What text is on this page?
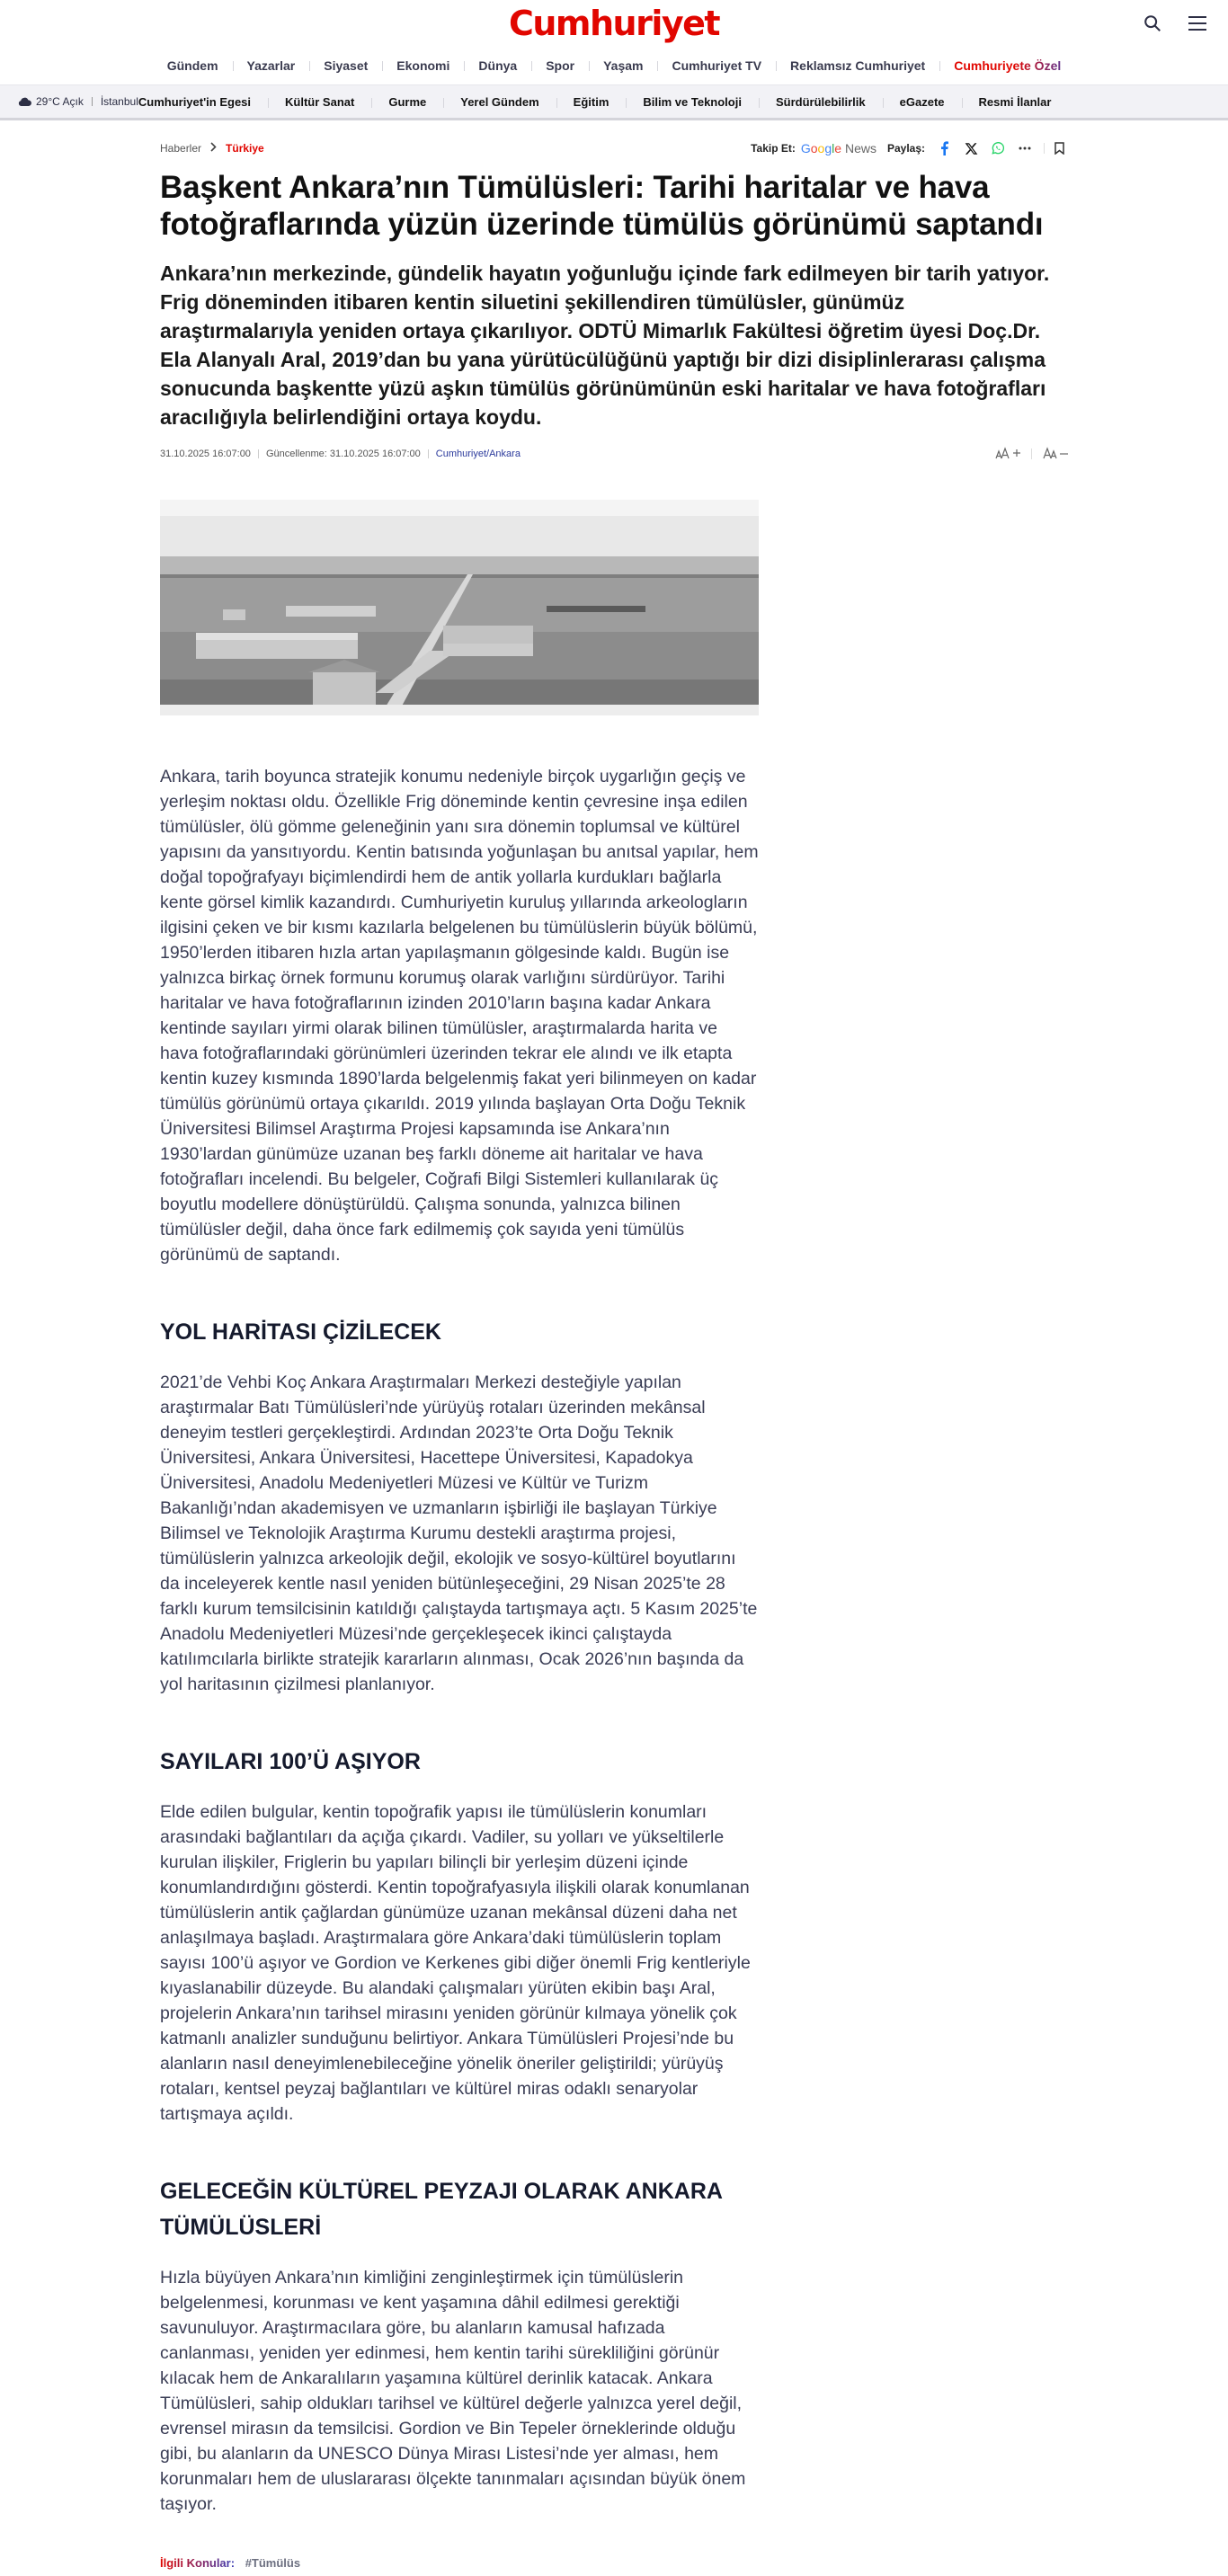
Cumhuriyet
Gündem	Yazarlar	Siyaset	Ekonomi	Dünya	Spor	Yaşam	Cumhuriyet TV	Reklamsız Cumhuriyet	Cumhuriyete Özel
29°C Açık İstanbul Cumhuriyet'in Egesi	Kültür Sanat	Gurme	Yerel Gündem	Eğitim	Bilim ve Teknoloji	Sürdürülebilirlik	eGazete	Resmi İlanlar
Haberler Türkiye	Takip Et: Google News Paylaş:
Başkent Ankara’nın Tümülüsleri: Tarihi haritalar ve hava fotoğraflarında yüzün üzerinde tümülüs görünümü saptandı

Ankara’nın merkezinde, gündelik hayatın yoğunluğu içinde fark edilmeyen bir tarih yatıyor. Frig döneminden itibaren kentin siluetini şekillendiren tümülüsler, günümüz araştırmalarıyla yeniden ortaya çıkarılıyor. ODTÜ Mimarlık Fakültesi öğretim üyesi Doç.Dr. Ela Alanyalı Aral, 2019’dan bu yana yürütücülüğünü yaptığı bir dizi disiplinlerarası çalışma sonucunda başkentte yüzü aşkın tümülüs görünümünün eski haritalar ve hava fotoğrafları aracılığıyla belirlendiğini ortaya koydu.

31.10.2025 16:07:00 Güncellenme: 31.10.2025 16:07:00 Cumhuriyet/Ankara

Ankara, tarih boyunca stratejik konumu nedeniyle birçok uygarlığın geçiş ve yerleşim noktası oldu. Özellikle Frig döneminde kentin çevresine inşa edilen tümülüsler, ölü gömme geleneğinin yanı sıra dönemin toplumsal ve kültürel yapısını da yansıtıyordu. Kentin batısında yoğunlaşan bu anıtsal yapılar, hem doğal topoğrafyayı biçimlendirdi hem de antik yollarla kurdukları bağlarla kente görsel kimlik kazandırdı. Cumhuriyetin kuruluş yıllarında arkeologların ilgisini çeken ve bir kısmı kazılarla belgelenen bu tümülüslerin büyük bölümü, 1950’lerden itibaren hızla artan yapılaşmanın gölgesinde kaldı. Bugün ise yalnızca birkaç örnek formunu korumuş olarak varlığını sürdürüyor. Tarihi haritalar ve hava fotoğraflarının izinden 2010’ların başına kadar Ankara kentinde sayıları yirmi olarak bilinen tümülüsler, araştırmalarda harita ve hava fotoğraflarındaki görünümleri üzerinden tekrar ele alındı ve ilk etapta kentin kuzey kısmında 1890’larda belgelenmiş fakat yeri bilinmeyen on kadar tümülüs görünümü ortaya çıkarıldı. 2019 yılında başlayan Orta Doğu Teknik Üniversitesi Bilimsel Araştırma Projesi kapsamında ise Ankara’nın 1930’lardan günümüze uzanan beş farklı döneme ait haritalar ve hava fotoğrafları incelendi. Bu belgeler, Coğrafi Bilgi Sistemleri kullanılarak üç boyutlu modellere dönüştürüldü. Çalışma sonunda, yalnızca bilinen tümülüsler değil, daha önce fark edilmemiş çok sayıda yeni tümülüs görünümü de saptandı.

YOL HARİTASI ÇİZİLECEK

2021’de Vehbi Koç Ankara Araştırmaları Merkezi desteğiyle yapılan araştırmalar Batı Tümülüsleri’nde yürüyüş rotaları üzerinden mekânsal deneyim testleri gerçekleştirdi. Ardından 2023’te Orta Doğu Teknik Üniversitesi, Ankara Üniversitesi, Hacettepe Üniversitesi, Kapadokya Üniversitesi, Anadolu Medeniyetleri Müzesi ve Kültür ve Turizm Bakanlığı’ndan akademisyen ve uzmanların işbirliği ile başlayan Türkiye Bilimsel ve Teknolojik Araştırma Kurumu destekli araştırma projesi, tümülüslerin yalnızca arkeolojik değil, ekolojik ve sosyo-kültürel boyutlarını da inceleyerek kentle nasıl yeniden bütünleşeceğini, 29 Nisan 2025’te 28 farklı kurum temsilcisinin katıldığı çalıştayda tartışmaya açtı. 5 Kasım 2025’te Anadolu Medeniyetleri Müzesi’nde gerçekleşecek ikinci çalıştayda katılımcılarla birlikte stratejik kararların alınması, Ocak 2026’nın başında da yol haritasının çizilmesi planlanıyor.

SAYILARI 100’Ü AŞIYOR

Elde edilen bulgular, kentin topoğrafik yapısı ile tümülüslerin konumları arasındaki bağlantıları da açığa çıkardı. Vadiler, su yolları ve yükseltilerle kurulan ilişkiler, Friglerin bu yapıları bilinçli bir yerleşim düzeni içinde konumlandırdığını gösterdi. Kentin topoğrafyasıyla ilişkili olarak konumlanan tümülüslerin antik çağlardan günümüze uzanan mekânsal düzeni daha net anlaşılmaya başladı. Araştırmalara göre Ankara’daki tümülüslerin toplam sayısı 100’ü aşıyor ve Gordion ve Kerkenes gibi diğer önemli Frig kentleriyle kıyaslanabilir düzeyde. Bu alandaki çalışmaları yürüten ekibin başı Aral, projelerin Ankara’nın tarihsel mirasını yeniden görünür kılmaya yönelik çok katmanlı analizler sunduğunu belirtiyor. Ankara Tümülüsleri Projesi’nde bu alanların nasıl deneyimlenebileceğine yönelik öneriler geliştirildi; yürüyüş rotaları, kentsel peyzaj bağlantıları ve kültürel miras odaklı senaryolar tartışmaya açıldı.

GELECEĞİN KÜLTÜREL PEYZAJI OLARAK ANKARA TÜMÜLÜSLERİ

Hızla büyüyen Ankara’nın kimliğini zenginleştirmek için tümülüslerin belgelenmesi, korunması ve kent yaşamına dâhil edilmesi gerektiği savunuluyor. Araştırmacılara göre, bu alanların kamusal hafızada canlanması, yeniden yer edinmesi, hem kentin tarihi sürekliliğini görünür kılacak hem de Ankaralıların yaşamına kültürel derinlik katacak. Ankara Tümülüsleri, sahip oldukları tarihsel ve kültürel değerle yalnızca yerel değil, evrensel mirasın da temsilcisi. Gordion ve Bin Tepeler örneklerinde olduğu gibi, bu alanların da UNESCO Dünya Mirası Listesi’nde yer alması, hem korunmaları hem de uluslararası ölçekte tanınmaları açısından büyük önem taşıyor.

İlgili Konular: #Tümülüs
